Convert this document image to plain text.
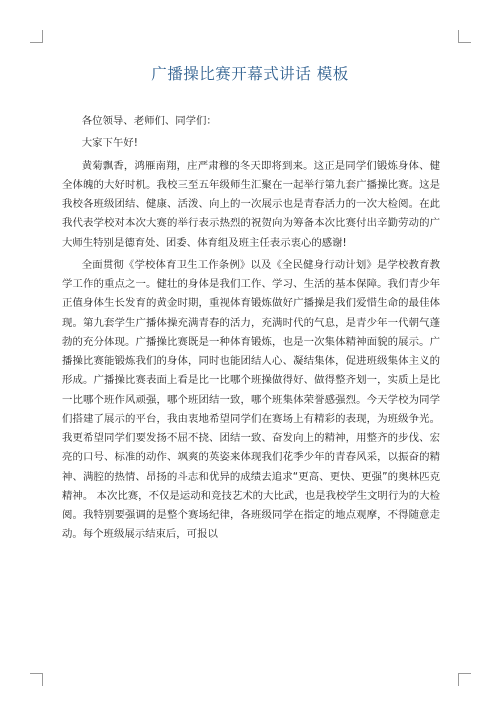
广播操比赛开幕式讲话 模板

各位领导、老师们、同学们：

大家下午好!

黄菊飘香，鸿雁南翔，庄严肃穆的冬天即将到来。这正是同学们锻炼身体、健全体魄的大好时机。我校三至五年级师生汇聚在一起举行第九套广播操比赛。这是我校各班级团结、健康、活泼、向上的一次展示也是青春活力的一次大检阅。在此我代表学校对本次大赛的举行表示热烈的祝贺向为筹备本次比赛付出辛勤劳动的广大师生特别是德育处、团委、体育组及班主任表示衷心的感谢!

全面贯彻《学校体育卫生工作条例》以及《全民健身行动计划》是学校教育教学工作的重点之一。健壮的身体是我们工作、学习、生活的基本保障。我们青少年正值身体生长发育的黄金时期，重视体育锻炼做好广播操是我们爱惜生命的最佳体现。第九套学生广播体操充满青春的活力，充满时代的气息，是青少年一代朝气蓬勃的充分体现。广播操比赛既是一种体育锻炼，也是一次集体精神面貌的展示。广播操比赛能锻炼我们的身体，同时也能团结人心、凝结集体，促进班级集体主义的形成。广播操比赛表面上看是比一比哪个班操做得好、做得整齐划一，实质上是比一比哪个班作风顽强，哪个班团结一致，哪个班集体荣誉感强烈。今天学校为同学们搭建了展示的平台，我由衷地希望同学们在赛场上有精彩的表现，为班级争光。我更希望同学们要发扬不屈不挠、团结一致、奋发向上的精神，用整齐的步伐、宏亮的口号、标准的动作、飒爽的英姿来体现我们花季少年的青春风采，以振奋的精神、满腔的热情、昂扬的斗志和优异的成绩去追求“更高、更快、更强”的奥林匹克精神。 本次比赛，不仅是运动和竞技艺术的大比武，也是我校学生文明行为的大检阅。我特别要强调的是整个赛场纪律，各班级同学在指定的地点观摩，不得随意走动。每个班级展示结束后，可报以
